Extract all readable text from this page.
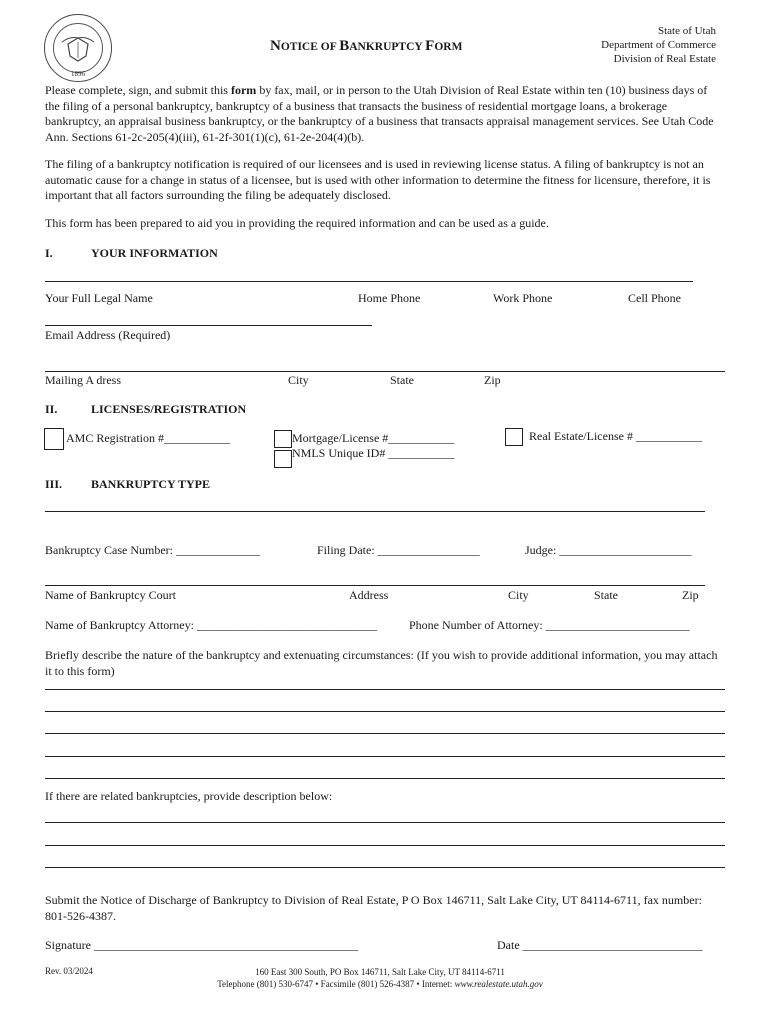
1896
NOTICE OF BANKRUPTCY FORM
State of Utah
Department of Commerce
Division of Real Estate
Please complete, sign, and submit this form by fax, mail, or in person to the Utah Division of Real Estate within ten (10) business days of the filing of a personal bankruptcy, bankruptcy of a business that transacts the business of residential mortgage loans, a brokerage bankruptcy, an appraisal business bankruptcy, or the bankruptcy of a business that transacts appraisal management services. See Utah Code Ann. Sections 61-2c-205(4)(iii), 61-2f-301(1)(c), 61-2e-204(4)(b).
The filing of a bankruptcy notification is required of our licensees and is used in reviewing license status. A filing of bankruptcy is not an automatic cause for a change in status of a licensee, but is used with other information to determine the fitness for licensure, therefore, it is important that all factors surrounding the filing be adequately disclosed.
This form has been prepared to aid you in providing the required information and can be used as a guide.
I.	YOUR INFORMATION
Your Full Legal Name	Home Phone	Work Phone	Cell Phone
Email Address (Required)
Mailing A dress	City	State	Zip
II.	LICENSES/REGISTRATION
AMC Registration #___________	Mortgage/License #___________
NMLS Unique ID# ___________
Real Estate/License # ___________
III. BANKRUPTCY TYPE
Bankruptcy Case Number: ______________	Filing Date: _________________	Judge: ______________________
Name of Bankruptcy Court	Address	City	State	Zip
Name of Bankruptcy Attorney: ______________________________	Phone Number of Attorney: ________________________
Briefly describe the nature of the bankruptcy and extenuating circumstances: (If you wish to provide additional information, you may attach it to this form)
If there are related bankruptcies, provide description below:
Submit the Notice of Discharge of Bankruptcy to Division of Real Estate, P O Box 146711, Salt Lake City, UT 84114-6711, fax number: 801-526-4387.
Signature ____________________________________________	Date ______________________________
Rev. 03/2024	160 East 300 South, PO Box 146711, Salt Lake City, UT 84114-6711
Telephone (801) 530-6747 • Facsimile (801) 526-4387 • Internet: www.realestate.utah.gov
